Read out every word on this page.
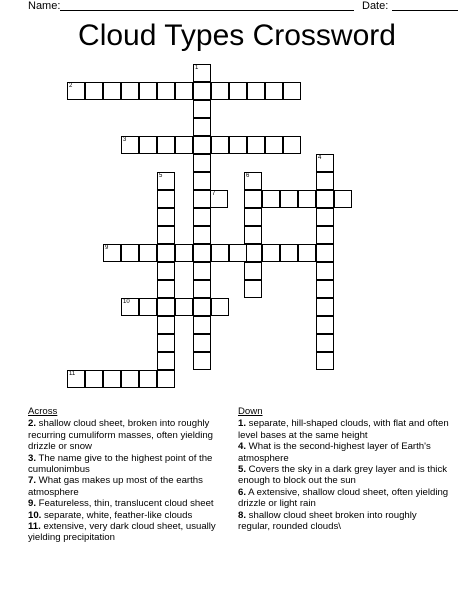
Name:	Date:
Cloud Types Crossword
1
2
3
4
5	6
7
9
10
11
Across
2. shallow cloud sheet, broken into roughly recurring cumuliform masses, often yielding drizzle or snow
3. The name give to the highest point of the cumulonimbus
7. What gas makes up most of the earths atmosphere
9. Featureless, thin, translucent cloud sheet
10. separate, white, feather-like clouds
11. extensive, very dark cloud sheet, usually yielding precipitation
Down
1. separate, hill-shaped clouds, with flat and often level bases at the same height
4. What is the second-highest layer of Earth's atmosphere
5. Covers the sky in a dark grey layer and is thick enough to block out the sun
6. A extensive, shallow cloud sheet, often yielding drizzle or light rain
8. shallow cloud sheet broken into roughly regular, rounded clouds\
